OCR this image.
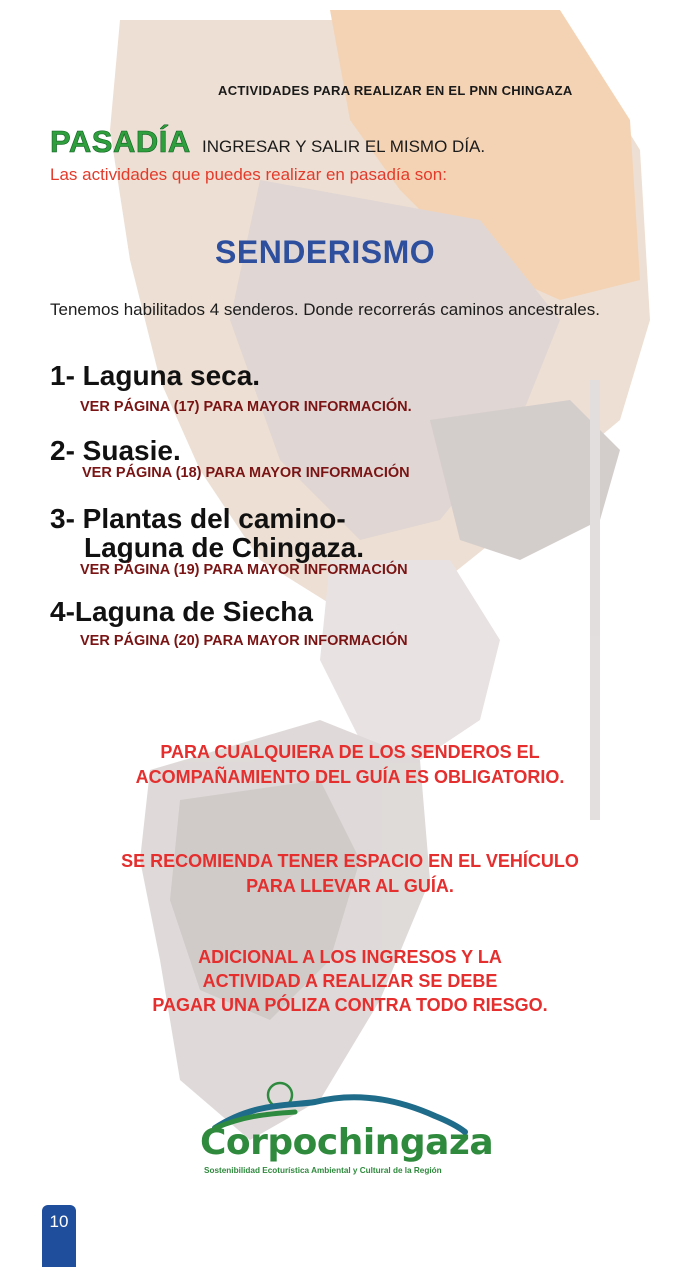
ACTIVIDADES PARA REALIZAR EN EL PNN CHINGAZA

PASADÍA INGRESAR Y SALIR EL MISMO DÍA.

Las actividades que puedes realizar en pasadía son:

SENDERISMO

Tenemos habilitados 4 senderos. Donde recorrerás caminos ancestrales.

1- Laguna seca.

VER PÁGINA (17) PARA MAYOR INFORMACIÓN.

2- Suasie.

VER PÁGINA (18) PARA MAYOR INFORMACIÓN

3- Plantas del camino-
Laguna de Chingaza.

VER PÁGINA (19) PARA MAYOR INFORMACIÓN

4-Laguna de Siecha

VER PÁGINA (20) PARA MAYOR INFORMACIÓN

PARA CUALQUIERA DE LOS SENDEROS EL
ACOMPAÑAMIENTO DEL GUÍA ES OBLIGATORIO.
SE RECOMIENDA TENER ESPACIO EN EL VEHÍCULO
PARA LLEVAR AL GUÍA.
ADICIONAL A LOS INGRESOS Y LA
ACTIVIDAD A REALIZAR SE DEBE
PAGAR UNA PÓLIZA CONTRA TODO RIESGO.
Corpochingaza
Sostenibilidad Ecoturística Ambiental y Cultural de la Región
10
